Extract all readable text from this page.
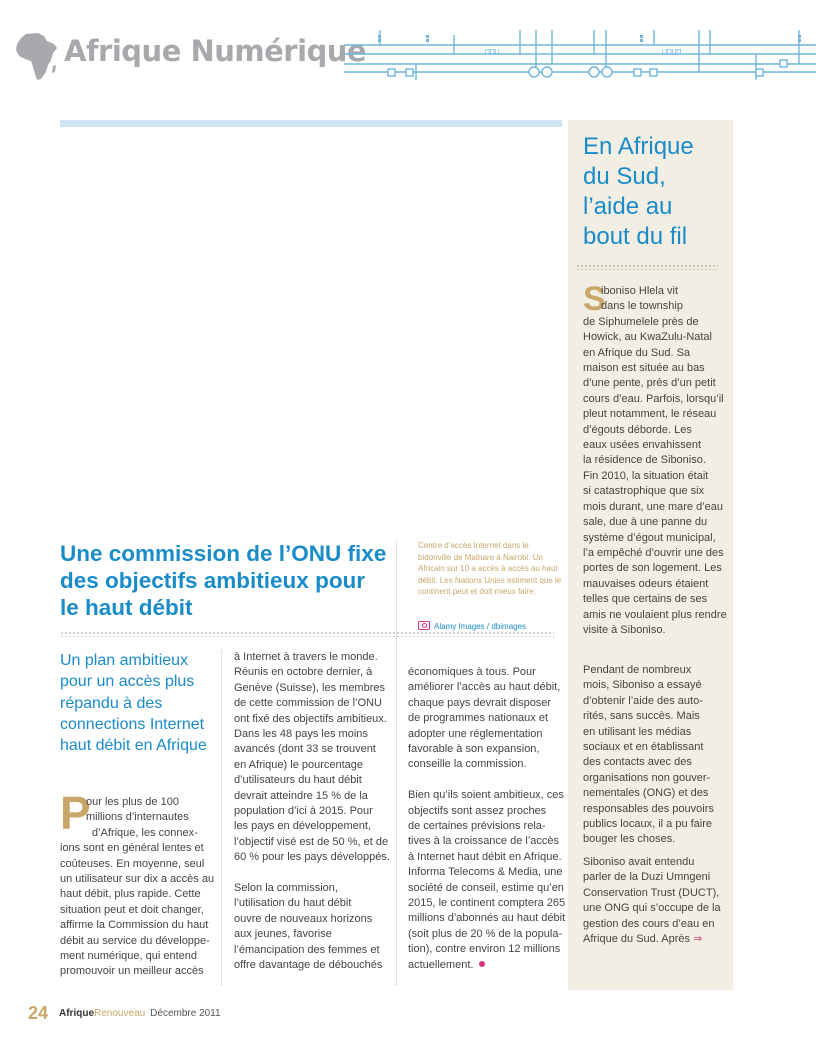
Afrique Numérique	⊓⊓⊔	⊔⊓⊔⊓
En Afrique du Sud, l’aide au bout du fil
S
iboniso Hlela vit
dans le township
de Siphumelele près de
Howick, au KwaZulu-Natal
en Afrique du Sud. Sa
maison est située au bas
d’une pente, près d’un petit
cours d’eau. Parfois, lorsqu’il
pleut notamment, le réseau
d’égouts déborde. Les
eaux usées envahissent
la résidence de Siboniso.
Fin 2010, la situation était
si catastrophique que six
mois durant, une mare d’eau
sale, due à une panne du
système d’égout municipal,
l’a empêché d’ouvrir une des
portes de son logement. Les
mauvaises odeurs étaient
telles que certains de ses
amis ne voulaient plus rendre
visite à Siboniso.
Pendant de nombreux
mois, Siboniso a essayé
d’obtenir l’aide des auto-
rités, sans succès. Mais
en utilisant les médias
sociaux et en établissant
des contacts avec des
organisations non gouver-
nementales (ONG) et des
responsables des pouvoirs
publics locaux, il a pu faire
bouger les choses.
Siboniso avait entendu
parler de la Duzi Umngeni
Conservation Trust (DUCT),
une ONG qui s’occupe de la
gestion des cours d’eau en
Afrique du Sud. Après ⇒
Une commission de l’ONU fixe des objectifs ambitieux pour le haut débit
Centre d’accès Internet dans le bidonville de Mathare à Nairobi. Un Africain sur 10 a accès à accès au haut débit. Les Nations Unies estiment que le continent peut et doit mieux faire.
Alamy Images / dbimages
Un plan ambitieux pour un accès plus répandu à des connections Internet haut débit en Afrique
P
our les plus de 100
millions d’internautes
d’Afrique, les connex-
ions sont en général lentes et
coûteuses. En moyenne, seul
un utilisateur sur dix a accès au
haut débit, plus rapide. Cette
situation peut et doit changer,
affirme la Commission du haut
débit au service du développe-
ment numérique, qui entend
promouvoir un meilleur accès
à Internet à travers le monde.
Réunis en octobre dernier, à
Genève (Suisse), les membres
de cette commission de l’ONU
ont fixé des objectifs ambitieux.
Dans les 48 pays les moins
avancés (dont 33 se trouvent
en Afrique) le pourcentage
d’utilisateurs du haut débit
devrait atteindre 15 % de la
population d’ici à 2015. Pour
les pays en développement,
l’objectif visé est de 50 %, et de
60 % pour les pays développés.
Selon la commission,
l’utilisation du haut débit
ouvre de nouveaux horizons
aux jeunes, favorise
l’émancipation des femmes et
offre davantage de débouchés
économiques à tous. Pour
améliorer l’accès au haut débit,
chaque pays devrait disposer
de programmes nationaux et
adopter une réglementation
favorable à son expansion,
conseille la commission.
Bien qu’ils soient ambitieux, ces
objectifs sont assez proches
de certaines prévisions rela-
tives à la croissance de l’accès
à Internet haut débit en Afrique.
Informa Telecoms & Media, une
société de conseil, estime qu’en
2015, le continent comptera 265
millions d’abonnés au haut débit
(soit plus de 20 % de la popula-
tion), contre environ 12 millions
actuellement.
24 AfriqueRenouveau Décembre 2011
